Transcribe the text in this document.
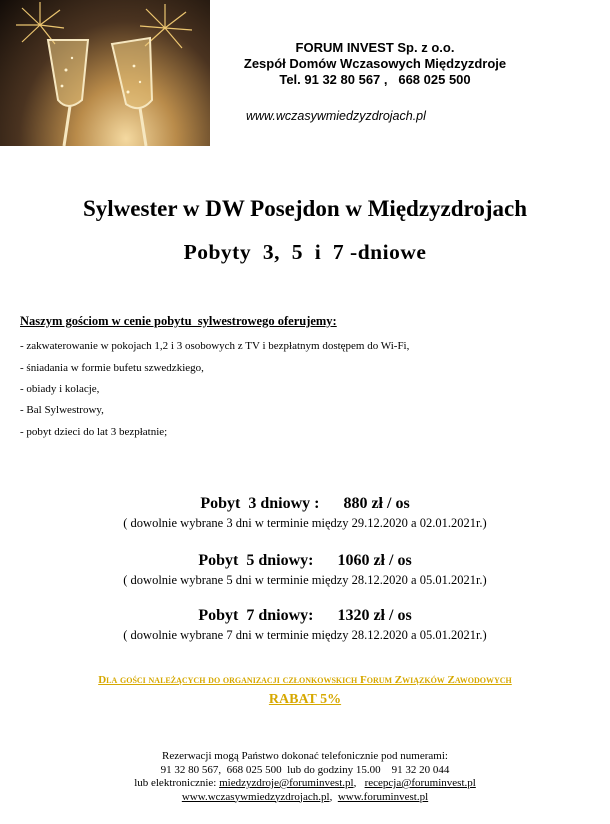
FORUM INVEST Sp. z o.o.
Zespół Domów Wczasowych Międzyzdroje
Tel. 91 32 80 567 ,   668 025 500
www.wczasywmiedzyzdrojach.pl
Sylwester w DW Posejdon w Międzyzdrojach
Pobyty  3,  5  i  7 -dniowe
Naszym gościom w cenie pobytu  sylwestrowego oferujemy:
- zakwaterowanie w pokojach 1,2 i 3 osobowych z TV i bezpłatnym dostępem do Wi-Fi,
- śniadania w formie bufetu szwedzkiego,
- obiady i kolacje,
- Bal Sylwestrowy,
- pobyt dzieci do lat 3 bezpłatnie;
Pobyt  3 dniowy : 880 zł / os
( dowolnie wybrane 3 dni w terminie między 29.12.2020 a 02.01.2021r.)
Pobyt  5 dniowy: 1060 zł / os
( dowolnie wybrane 5 dni w terminie między 28.12.2020 a 05.01.2021r.)
Pobyt  7 dniowy: 1320 zł / os
( dowolnie wybrane 7 dni w terminie między 28.12.2020 a 05.01.2021r.)
Dla gości należących do organizacji członkowskich Forum Związków Zawodowych
RABAT 5%
Rezerwacji mogą Państwo dokonać telefonicznie pod numerami:
91 32 80 567,  668 025 500  lub do godziny 15.00    91 32 20 044
lub elektronicznie: miedzyzdroje@foruminvest.pl,   recepcja@foruminvest.pl
www.wczasywmiedzyzdrojach.pl,  www.foruminvest.pl
